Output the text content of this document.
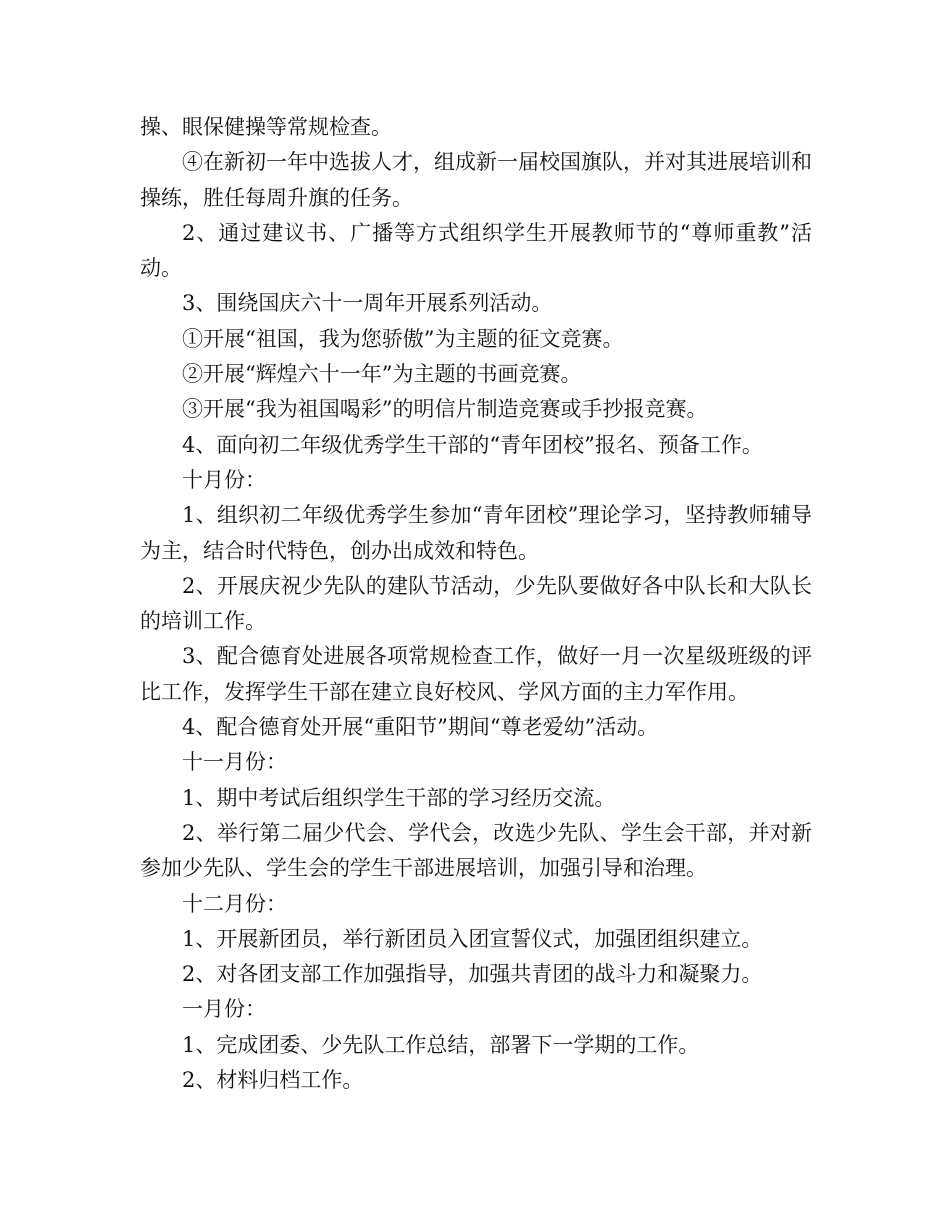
操、眼保健操等常规检查。

④在新初一年中选拔人才，组成新一届校国旗队，并对其进展培训和操练，胜任每周升旗的任务。

2、通过建议书、广播等方式组织学生开展教师节的“尊师重教”活动。

3、围绕国庆六十一周年开展系列活动。

①开展“祖国，我为您骄傲”为主题的征文竞赛。

②开展“辉煌六十一年”为主题的书画竞赛。

③开展“我为祖国喝彩”的明信片制造竞赛或手抄报竞赛。

4、面向初二年级优秀学生干部的“青年团校”报名、预备工作。

十月份：

1、组织初二年级优秀学生参加“青年团校”理论学习，坚持教师辅导为主，结合时代特色，创办出成效和特色。

2、开展庆祝少先队的建队节活动，少先队要做好各中队长和大队长的培训工作。

3、配合德育处进展各项常规检查工作，做好一月一次星级班级的评比工作，发挥学生干部在建立良好校风、学风方面的主力军作用。

4、配合德育处开展“重阳节”期间“尊老爱幼”活动。

十一月份：

1、期中考试后组织学生干部的学习经历交流。

2、举行第二届少代会、学代会，改选少先队、学生会干部，并对新参加少先队、学生会的学生干部进展培训，加强引导和治理。

十二月份：

1、开展新团员，举行新团员入团宣誓仪式，加强团组织建立。

2、对各团支部工作加强指导，加强共青团的战斗力和凝聚力。

一月份：

1、完成团委、少先队工作总结，部署下一学期的工作。

2、材料归档工作。
